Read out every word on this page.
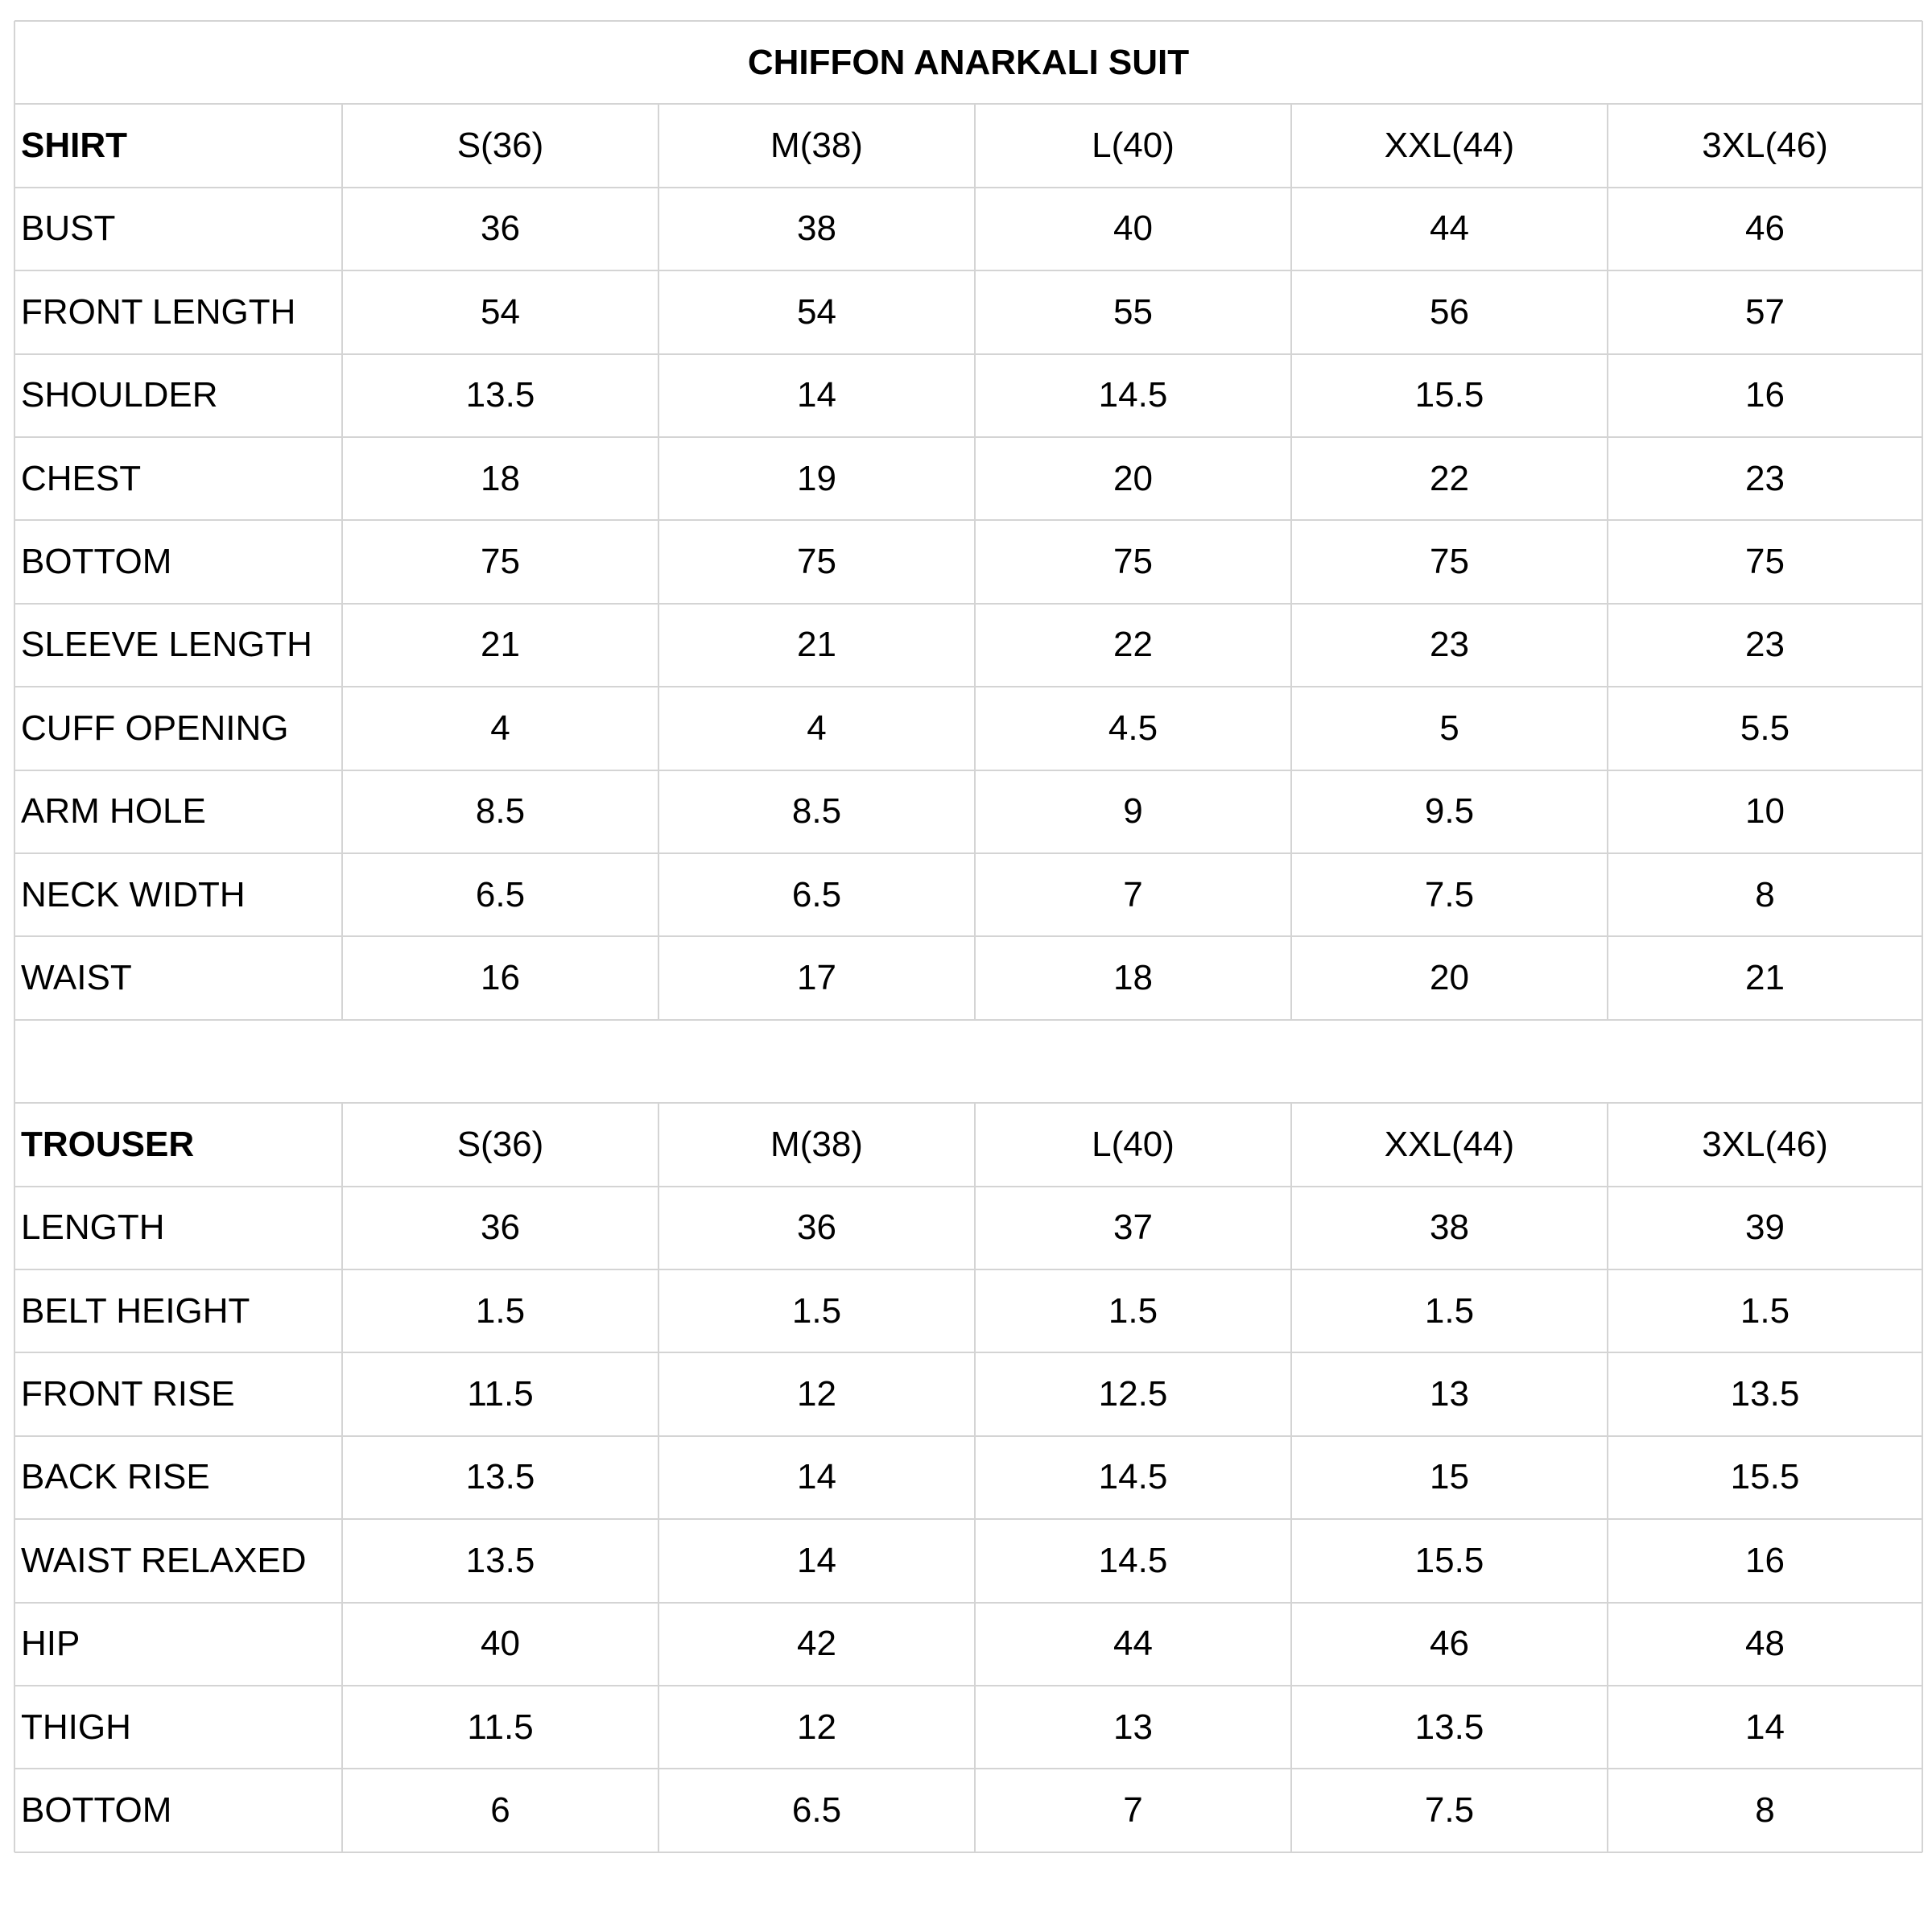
CHIFFON ANARKALI SUIT
SHIRT	S(36)	M(38)	L(40)	XXL(44)	3XL(46)
BUST	36	38	40	44	46
FRONT LENGTH	54	54	55	56	57
SHOULDER	13.5	14	14.5	15.5	16
CHEST	18	19	20	22	23
BOTTOM	75	75	75	75	75
SLEEVE LENGTH	21	21	22	23	23
CUFF OPENING	4	4	4.5	5	5.5
ARM HOLE	8.5	8.5	9	9.5	10
NECK WIDTH	6.5	6.5	7	7.5	8
WAIST	16	17	18	20	21
TROUSER	S(36)	M(38)	L(40)	XXL(44)	3XL(46)
LENGTH	36	36	37	38	39
BELT HEIGHT	1.5	1.5	1.5	1.5	1.5
FRONT RISE	11.5	12	12.5	13	13.5
BACK RISE	13.5	14	14.5	15	15.5
WAIST RELAXED	13.5	14	14.5	15.5	16
HIP	40	42	44	46	48
THIGH	11.5	12	13	13.5	14
BOTTOM	6	6.5	7	7.5	8
